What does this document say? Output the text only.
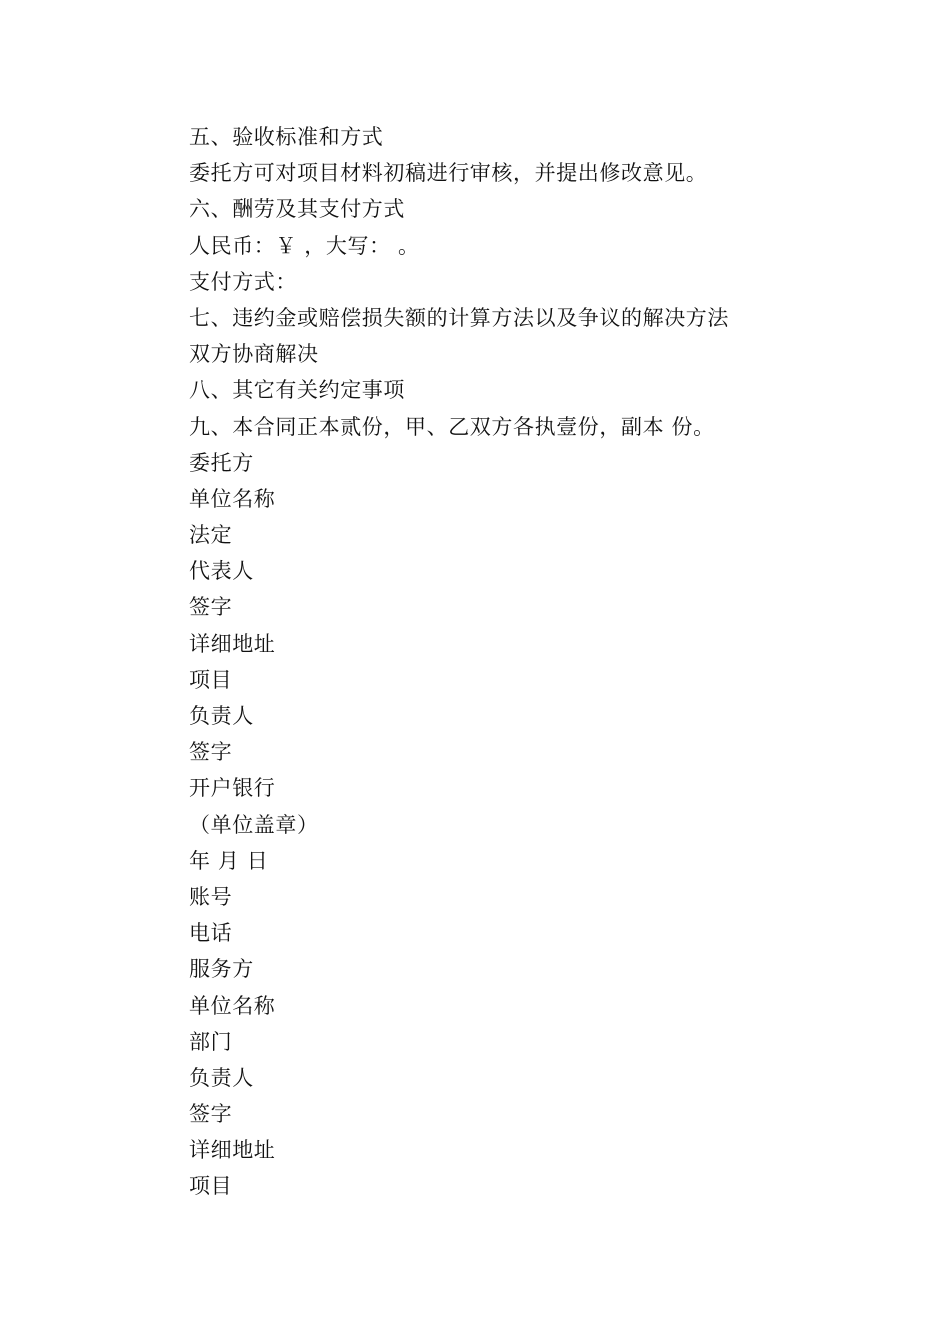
五、验收标准和方式
委托方可对项目材料初稿进行审核，并提出修改意见。
六、酬劳及其支付方式
人民币：￥ ，大写： 。
支付方式：
七、违约金或赔偿损失额的计算方法以及争议的解决方法
双方协商解决
八、其它有关约定事项
九、本合同正本贰份，甲、乙双方各执壹份，副本 份。
委托方
单位名称
法定
代表人
签字
详细地址
项目
负责人
签字
开户银行
（单位盖章）
年 月 日
账号
电话
服务方
单位名称
部门
负责人
签字
详细地址
项目
